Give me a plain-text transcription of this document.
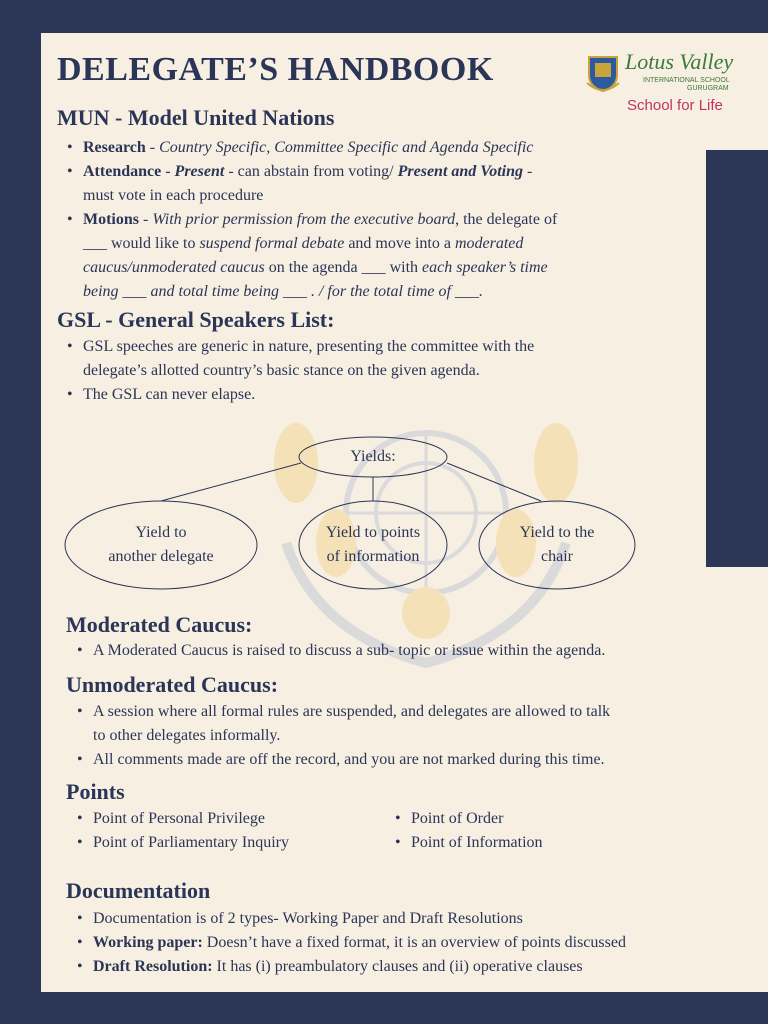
DELEGATE’S HANDBOOK	Lotus Valley
INTERNATIONAL SCHOOL
GURUGRAM
School for Life
MUN - Model United Nations
• Research - Country Specific, Committee Specific and Agenda Specific
• Attendance - Present - can abstain from voting/ Present and Voting -
must vote in each procedure
• Motions - With prior permission from the executive board, the delegate of
___ would like to suspend formal debate and move into a moderated
caucus/unmoderated caucus on the agenda ___ with each speaker’s time
being ___ and total time being ___ . / for the total time of ___.
GSL - General Speakers List:
• GSL speeches are generic in nature, presenting the committee with the
delegate’s allotted country’s basic stance on the given agenda.
• The GSL can never elapse.
Yields:
Yield to
another delegate
Yield to points
of information
Yield to the
chair
Moderated Caucus:
• A Moderated Caucus is raised to discuss a sub- topic or issue within the agenda.
Unmoderated Caucus:
• A session where all formal rules are suspended, and delegates are allowed to talk
to other delegates informally.
• All comments made are off the record, and you are not marked during this time.
Points
• Point of Personal Privilege
• Point of Parliamentary Inquiry
• Point of Order
• Point of Information
Documentation
• Documentation is of 2 types- Working Paper and Draft Resolutions
• Working paper: Doesn’t have a fixed format, it is an overview of points discussed
• Draft Resolution: It has (i) preambulatory clauses and (ii) operative clauses
